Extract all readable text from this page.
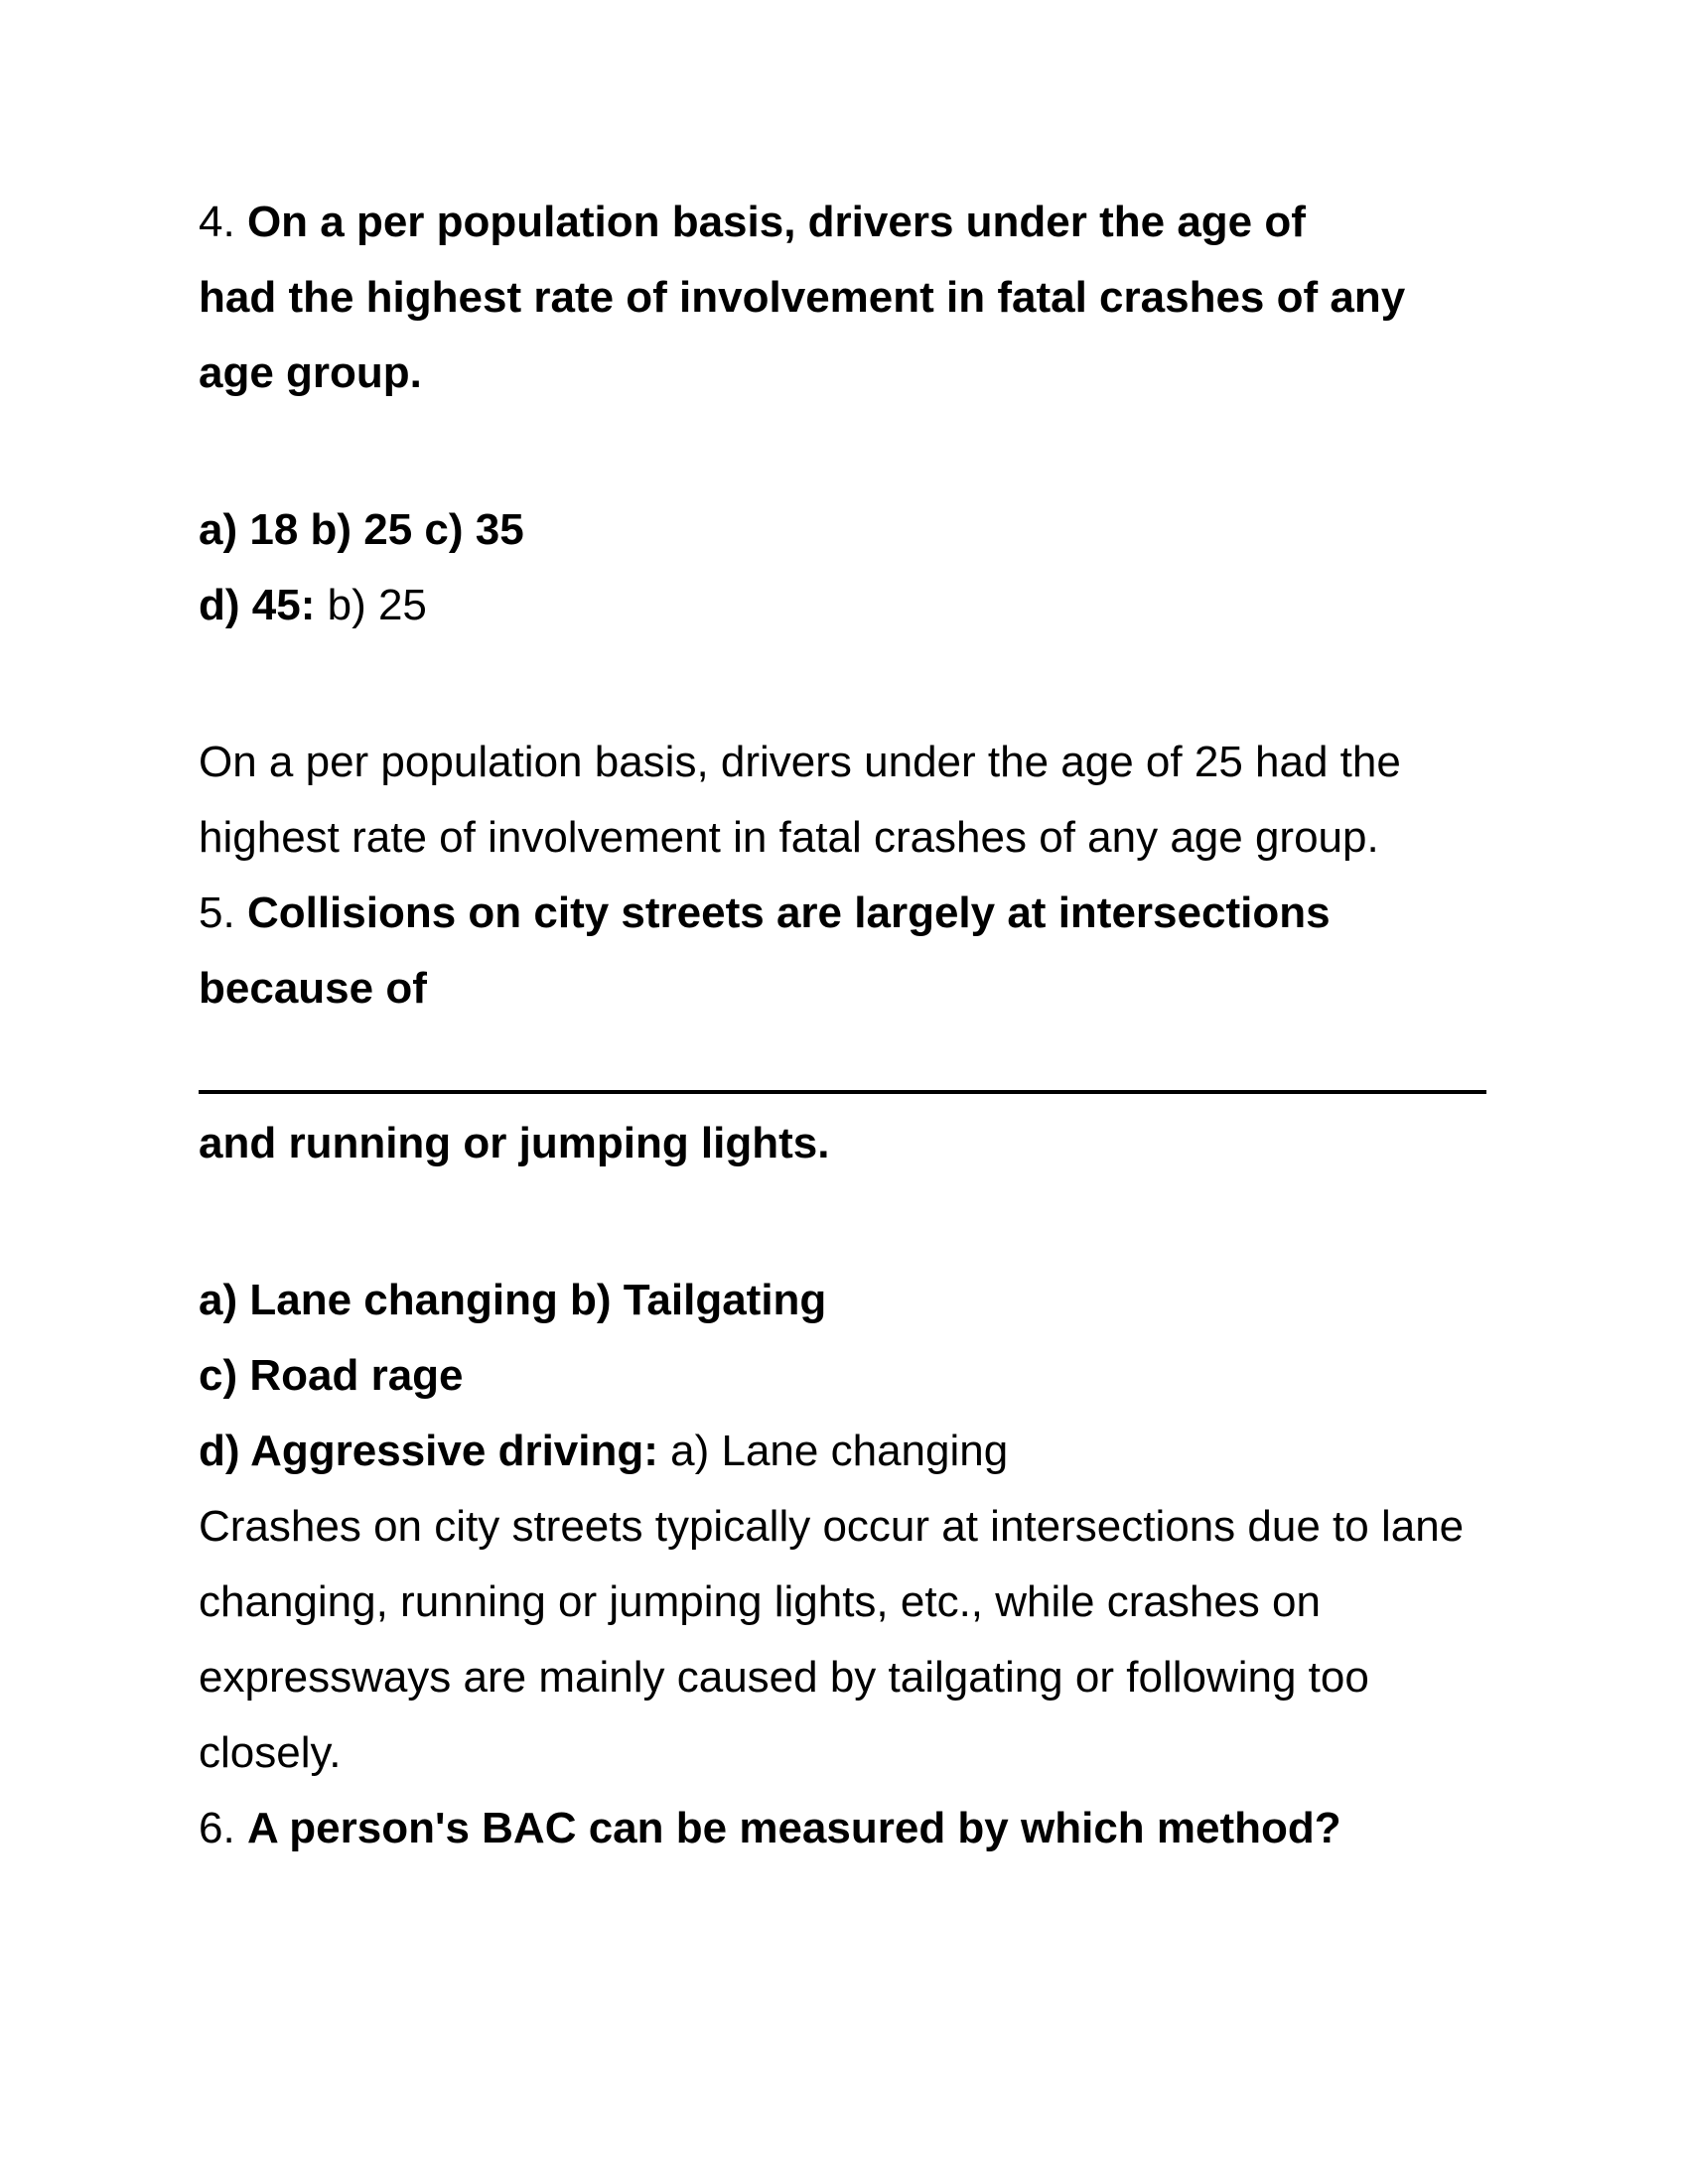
4. On a per population basis, drivers under the age of
had the highest rate of involvement in fatal crashes of any
age group.
a) 18 b) 25 c) 35
d) 45: b) 25
On a per population basis, drivers under the age of 25 had the
highest rate of involvement in fatal crashes of any age group.
5. Collisions on city streets are largely at intersections
because of
and running or jumping lights.
a) Lane changing b) Tailgating
c) Road rage
d) Aggressive driving: a) Lane changing
Crashes on city streets typically occur at intersections due to lane
changing, running or jumping lights, etc., while crashes on
expressways are mainly caused by tailgating or following too
closely.
6. A person's BAC can be measured by which method?
